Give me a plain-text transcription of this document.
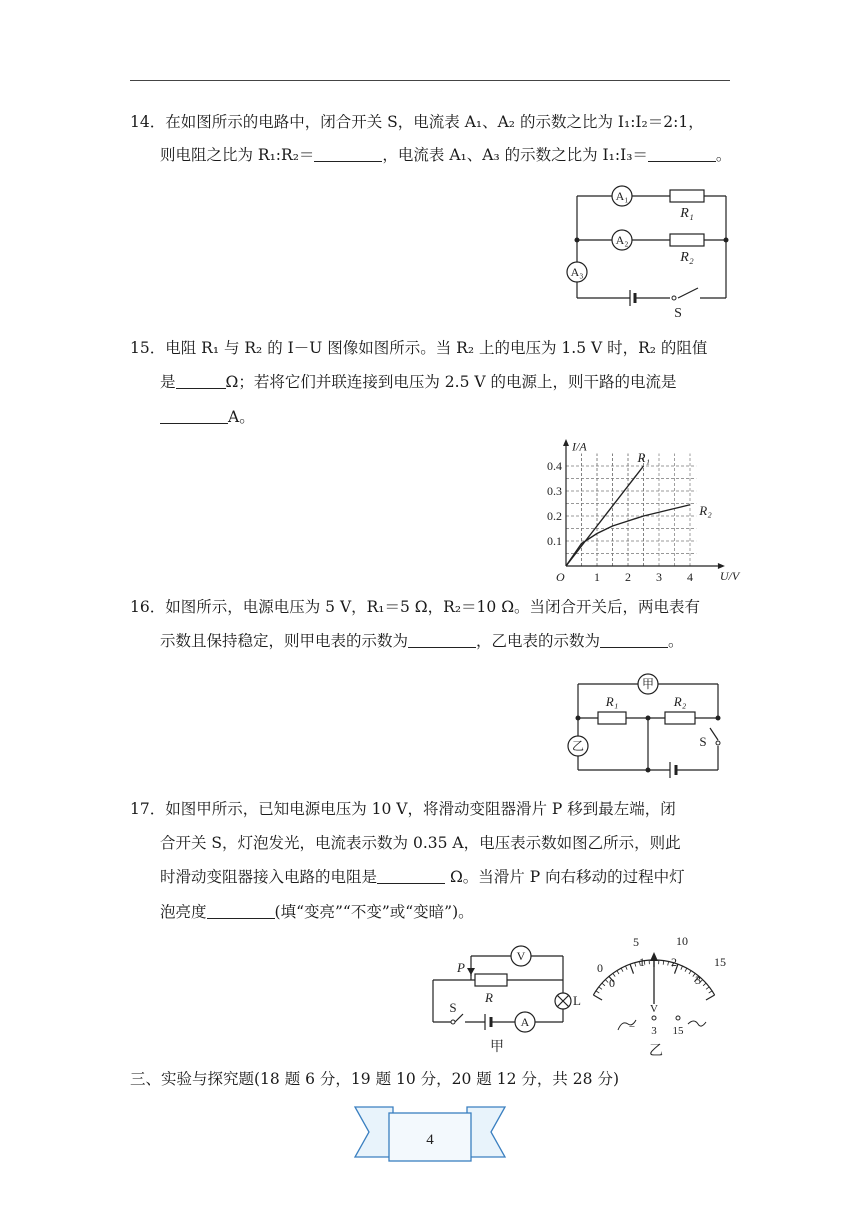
14．在如图所示的电路中，闭合开关 S，电流表 A₁、A₂ 的示数之比为 I₁:I₂＝2:1，
则电阻之比为 R₁:R₂＝	，电流表 A₁、A₃ 的示数之比为 I₁:I₃＝	。
A₁
A₂
A₃
R₁
R₂
S
15．电阻 R₁ 与 R₂ 的 I－U 图像如图所示。当 R₂ 上的电压为 1.5 V 时，R₂ 的阻值
是	Ω；若将它们并联连接到电压为 2.5 V 的电源上，则干路的电流是
A。
1 2 3 4
0.1
0.2
0.3
0.4
O	U/V
I/A
R₁
R₂
16．如图所示，电源电压为 5 V，R₁＝5 Ω，R₂＝10 Ω。当闭合开关后，两电表有
示数且保持稳定，则甲电表的示数为	，乙电表的示数为	。
甲
乙
R₁	R₂
S
17．如图甲所示，已知电源电压为 10 V，将滑动变阻器滑片 P 移到最左端，闭
合开关 S，灯泡发光，电流表示数为 0.35 A，电压表示数如图乙所示，则此
时滑动变阻器接入电路的电阻是	Ω。当滑片 P 向右移动的过程中灯
泡亮度	(填“变亮”“不变”或“变暗”)。
P
R
V
L
S
A
甲
0
5	10
15
0
1 2
3
V
− 3 15
乙
三、实验与探究题(18 题 6 分，19 题 10 分，20 题 12 分，共 28 分)
4
